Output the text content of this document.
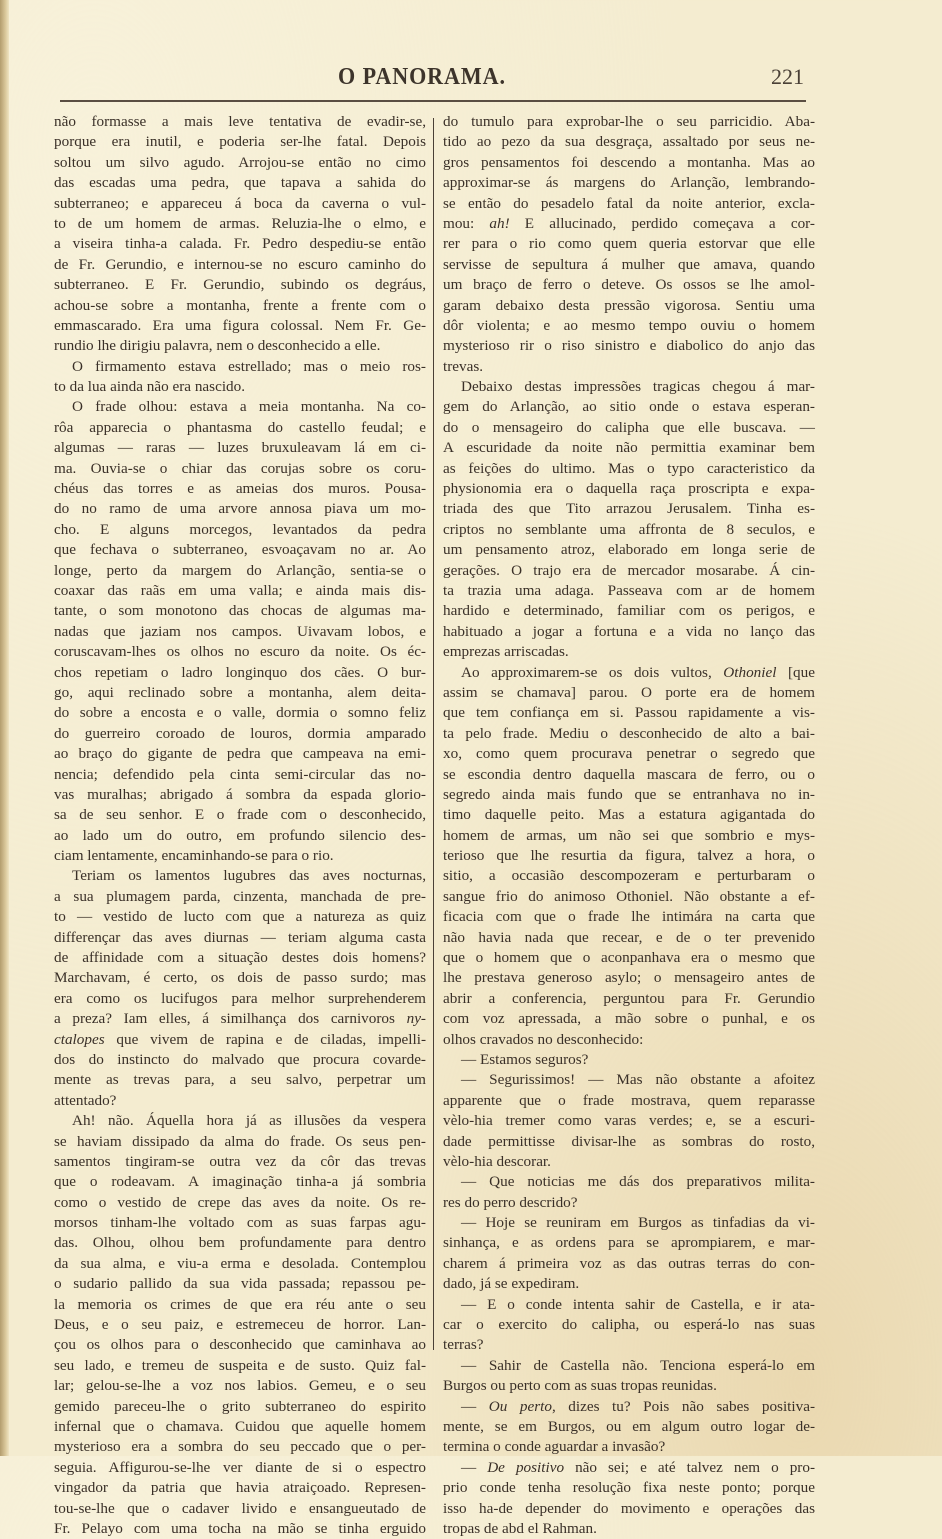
O PANORAMA.	221
não formasse a mais leve tentativa de evadir-se,
porque era inutil, e poderia ser-lhe fatal. Depois
soltou um silvo agudo. Arrojou-se então no cimo
das escadas uma pedra, que tapava a sahida do
subterraneo; e appareceu á boca da caverna o vul-
to de um homem de armas. Reluzia-lhe o elmo, e
a viseira tinha-a calada. Fr. Pedro despediu-se então
de Fr. Gerundio, e internou-se no escuro caminho do
subterraneo. E Fr. Gerundio, subindo os degráus,
achou-se sobre a montanha, frente a frente com o
emmascarado. Era uma figura colossal. Nem Fr. Ge-
rundio lhe dirigiu palavra, nem o desconhecido a elle.
O firmamento estava estrellado; mas o meio ros-
to da lua ainda não era nascido.
O frade olhou: estava a meia montanha. Na co-
rôa apparecia o phantasma do castello feudal; e
algumas — raras — luzes bruxuleavam lá em ci-
ma. Ouvia-se o chiar das corujas sobre os coru-
chéus das torres e as ameias dos muros. Pousa-
do no ramo de uma arvore annosa piava um mo-
cho. E alguns morcegos, levantados da pedra
que fechava o subterraneo, esvoaçavam no ar. Ao
longe, perto da margem do Arlanção, sentia-se o
coaxar das raãs em uma valla; e ainda mais dis-
tante, o som monotono das chocas de algumas ma-
nadas que jaziam nos campos. Uivavam lobos, e
coruscavam-lhes os olhos no escuro da noite. Os éc-
chos repetiam o ladro longinquo dos cães. O bur-
go, aqui reclinado sobre a montanha, alem deita-
do sobre a encosta e o valle, dormia o somno feliz
do guerreiro coroado de louros, dormia amparado
ao braço do gigante de pedra que campeava na emi-
nencia; defendido pela cinta semi-circular das no-
vas muralhas; abrigado á sombra da espada glorio-
sa de seu senhor. E o frade com o desconhecido,
ao lado um do outro, em profundo silencio des-
ciam lentamente, encaminhando-se para o rio.
Teriam os lamentos lugubres das aves nocturnas,
a sua plumagem parda, cinzenta, manchada de pre-
to — vestido de lucto com que a natureza as quiz
differençar das aves diurnas — teriam alguma casta
de affinidade com a situação destes dois homens?
Marchavam, é certo, os dois de passo surdo; mas
era como os lucifugos para melhor surprehenderem
a preza? Iam elles, á similhança dos carnivoros ny-
ctalopes que vivem de rapina e de ciladas, impelli-
dos do instincto do malvado que procura covarde-
mente as trevas para, a seu salvo, perpetrar um
attentado?
Ah! não. Áquella hora já as illusões da vespera
se haviam dissipado da alma do frade. Os seus pen-
samentos tingiram-se outra vez da côr das trevas
que o rodeavam. A imaginação tinha-a já sombria
como o vestido de crepe das aves da noite. Os re-
morsos tinham-lhe voltado com as suas farpas agu-
das. Olhou, olhou bem profundamente para dentro
da sua alma, e viu-a erma e desolada. Contemplou
o sudario pallido da sua vida passada; repassou pe-
la memoria os crimes de que era réu ante o seu
Deus, e o seu paiz, e estremeceu de horror. Lan-
çou os olhos para o desconhecido que caminhava ao
seu lado, e tremeu de suspeita e de susto. Quiz fal-
lar; gelou-se-lhe a voz nos labios. Gemeu, e o seu
gemido pareceu-lhe o grito subterraneo do espirito
infernal que o chamava. Cuidou que aquelle homem
mysterioso era a sombra do seu peccado que o per-
seguia. Affigurou-se-lhe ver diante de si o espectro
vingador da patria que havia atraiçoado. Represen-
tou-se-lhe que o cadaver livido e ensangueutado de
Fr. Pelayo com uma tocha na mão se tinha erguido
do tumulo para exprobar-lhe o seu parricidio. Aba-
tido ao pezo da sua desgraça, assaltado por seus ne-
gros pensamentos foi descendo a montanha. Mas ao
approximar-se ás margens do Arlanção, lembrando-
se então do pesadelo fatal da noite anterior, excla-
mou: ah! E allucinado, perdido começava a cor-
rer para o rio como quem queria estorvar que elle
servisse de sepultura á mulher que amava, quando
um braço de ferro o deteve. Os ossos se lhe amol-
garam debaixo desta pressão vigorosa. Sentiu uma
dôr violenta; e ao mesmo tempo ouviu o homem
mysterioso rir o riso sinistro e diabolico do anjo das
trevas.
Debaixo destas impressões tragicas chegou á mar-
gem do Arlanção, ao sitio onde o estava esperan-
do o mensageiro do calipha que elle buscava. —
A escuridade da noite não permittia examinar bem
as feições do ultimo. Mas o typo caracteristico da
physionomia era o daquella raça proscripta e expa-
triada des que Tito arrazou Jerusalem. Tinha es-
criptos no semblante uma affronta de 8 seculos, e
um pensamento atroz, elaborado em longa serie de
gerações. O trajo era de mercador mosarabe. Á cin-
ta trazia uma adaga. Passeava com ar de homem
hardido e determinado, familiar com os perigos, e
habituado a jogar a fortuna e a vida no lanço das
emprezas arriscadas.
Ao approximarem-se os dois vultos, Othoniel [que
assim se chamava] parou. O porte era de homem
que tem confiança em si. Passou rapidamente a vis-
ta pelo frade. Mediu o desconhecido de alto a bai-
xo, como quem procurava penetrar o segredo que
se escondia dentro daquella mascara de ferro, ou o
segredo ainda mais fundo que se entranhava no in-
timo daquelle peito. Mas a estatura agigantada do
homem de armas, um não sei que sombrio e mys-
terioso que lhe resurtia da figura, talvez a hora, o
sitio, a occasião descompozeram e perturbaram o
sangue frio do animoso Othoniel. Não obstante a ef-
ficacia com que o frade lhe intimára na carta que
não havia nada que recear, e de o ter prevenido
que o homem que o aconpanhava era o mesmo que
lhe prestava generoso asylo; o mensageiro antes de
abrir a conferencia, perguntou para Fr. Gerundio
com voz apressada, a mão sobre o punhal, e os
olhos cravados no desconhecido:
— Estamos seguros?
— Segurissimos! — Mas não obstante a afoitez
apparente que o frade mostrava, quem reparasse
vèlo-hia tremer como varas verdes; e, se a escuri-
dade permittisse divisar-lhe as sombras do rosto,
vèlo-hia descorar.
— Que noticias me dás dos preparativos milita-
res do perro descrido?
— Hoje se reuniram em Burgos as tinfadias da vi-
sinhança, e as ordens para se aprompiarem, e mar-
charem á primeira voz as das outras terras do con-
dado, já se expediram.
— E o conde intenta sahir de Castella, e ir ata-
car o exercito do calipha, ou esperá-lo nas suas
terras?
— Sahir de Castella não. Tenciona esperá-lo em
Burgos ou perto com as suas tropas reunidas.
— Ou perto, dizes tu? Pois não sabes positiva-
mente, se em Burgos, ou em algum outro logar de-
termina o conde aguardar a invasão?
— De positivo não sei; e até talvez nem o pro-
prio conde tenha resolução fixa neste ponto; porque
isso ha-de depender do movimento e operações das
tropas de abd el Rahman.
